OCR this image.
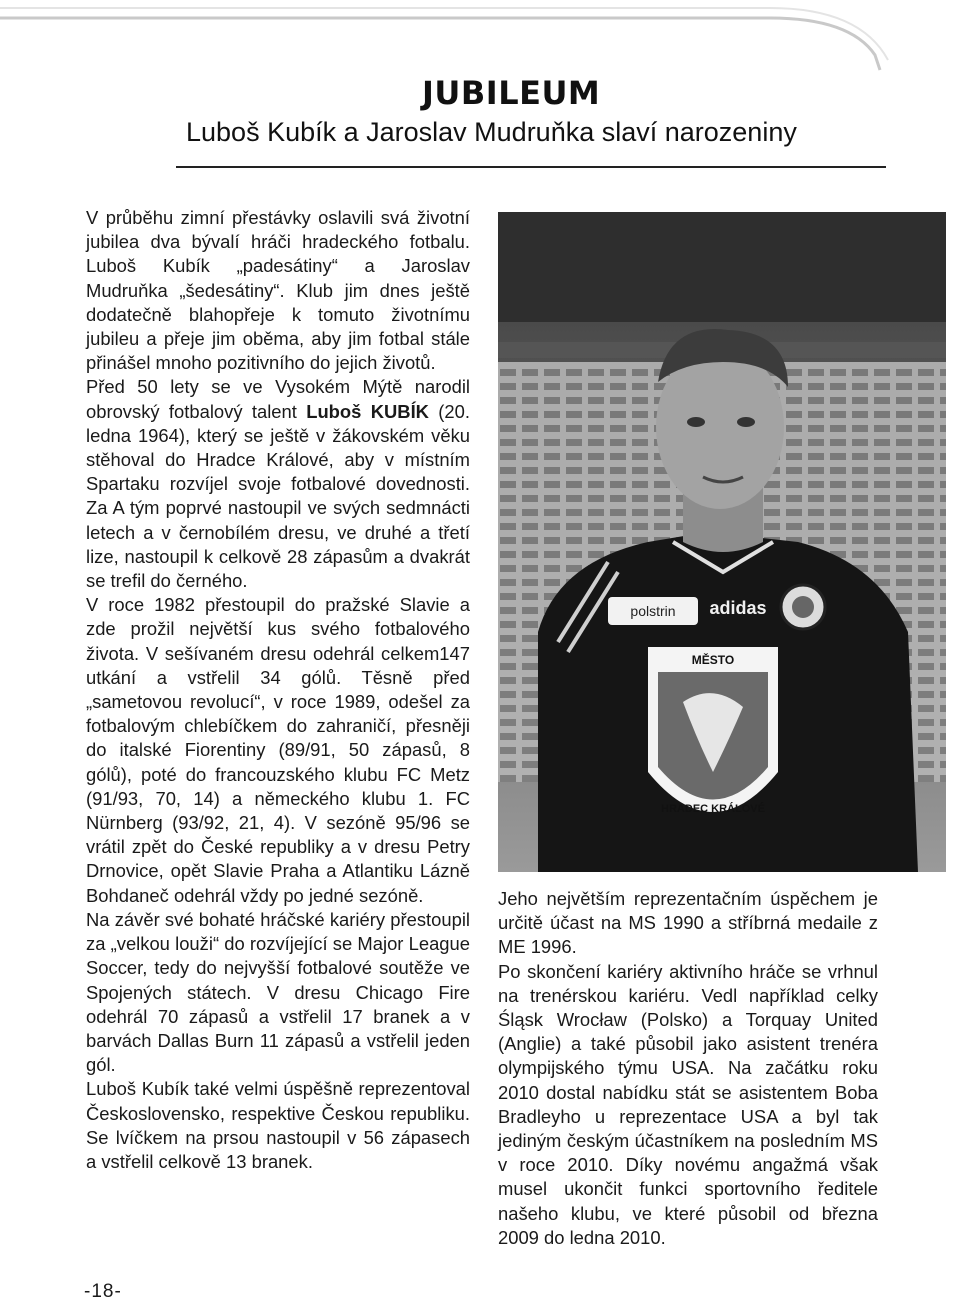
JUBILEUM
Luboš Kubík a Jaroslav Mudruňka slaví narozeniny

V průběhu zimní přestávky oslavili svá životní jubilea dva bývalí hráči hradeckého fotbalu. Luboš Kubík „padesátiny“ a Jaroslav Mudruňka „šedesátiny“. Klub jim dnes ještě dodatečně blahopřeje k tomuto životnímu jubileu a přeje jim oběma, aby jim fotbal stále přinášel mnoho pozitivního do jejich životů.

Před 50 lety se ve Vysokém Mýtě narodil obrovský fotbalový talent Luboš KUBÍK (20. ledna 1964), který se ještě v žákovském věku stěhoval do Hradce Králové, aby v místním Spartaku rozvíjel svoje fotbalové dovednosti. Za A tým poprvé nastoupil ve svých sedmnácti letech a v černobílém dresu, ve druhé a třetí lize, nastoupil k celkově 28 zápasům a dvakrát se trefil do černého.

V roce 1982 přestoupil do pražské Slavie a zde prožil největší kus svého fotbalového života. V sešívaném dresu odehrál celkem147 utkání a vstřelil 34 gólů. Těsně před „sametovou revolucí“, v roce 1989, odešel za fotbalovým chlebíčkem do zahraničí, přesněji do italské Fiorentiny (89/91, 50 zápasů, 8 gólů), poté do francouzského klubu FC Metz (91/93, 70, 14) a německého klubu 1. FC Nürnberg (93/92, 21, 4). V sezóně 95/96 se vrátil zpět do České republiky a v dresu Petry Drnovice, opět Slavie Praha a Atlantiku Lázně Bohdaneč odehrál vždy po jedné sezóně.

Na závěr své bohaté hráčské kariéry přestoupil za „velkou louži“ do rozvíjející se Major League Soccer, tedy do nejvyšší fotbalové soutěže ve Spojených státech. V dresu Chicago Fire odehrál 70 zápasů a vstřelil 17 branek a v barvách Dallas Burn 11 zápasů a vstřelil jeden gól.

Luboš Kubík také velmi úspěšně reprezentoval Československo, respektive Českou republiku. Se lvíčkem na prsou nastoupil v 56 zápasech a vstřelil celkově 13 branek.

polstrin adidas
MĚSTO
HRADEC KRÁLOVÉ

Jeho největším reprezentačním úspěchem je určitě účast na MS 1990 a stříbrná medaile z ME 1996.

Po skončení kariéry aktivního hráče se vrhnul na trenérskou kariéru. Vedl například celky Śląsk Wrocław (Polsko) a Torquay United (Anglie) a také působil jako asistent trenéra olympijského týmu USA. Na začátku roku 2010 dostal nabídku stát se asistentem Boba Bradleyho u reprezentace USA a byl tak jediným českým účastníkem na posledním MS v roce 2010. Díky novému angažmá však musel ukončit funkci sportovního ředitele našeho klubu, ve které působil od března 2009 do ledna 2010.

-18-
